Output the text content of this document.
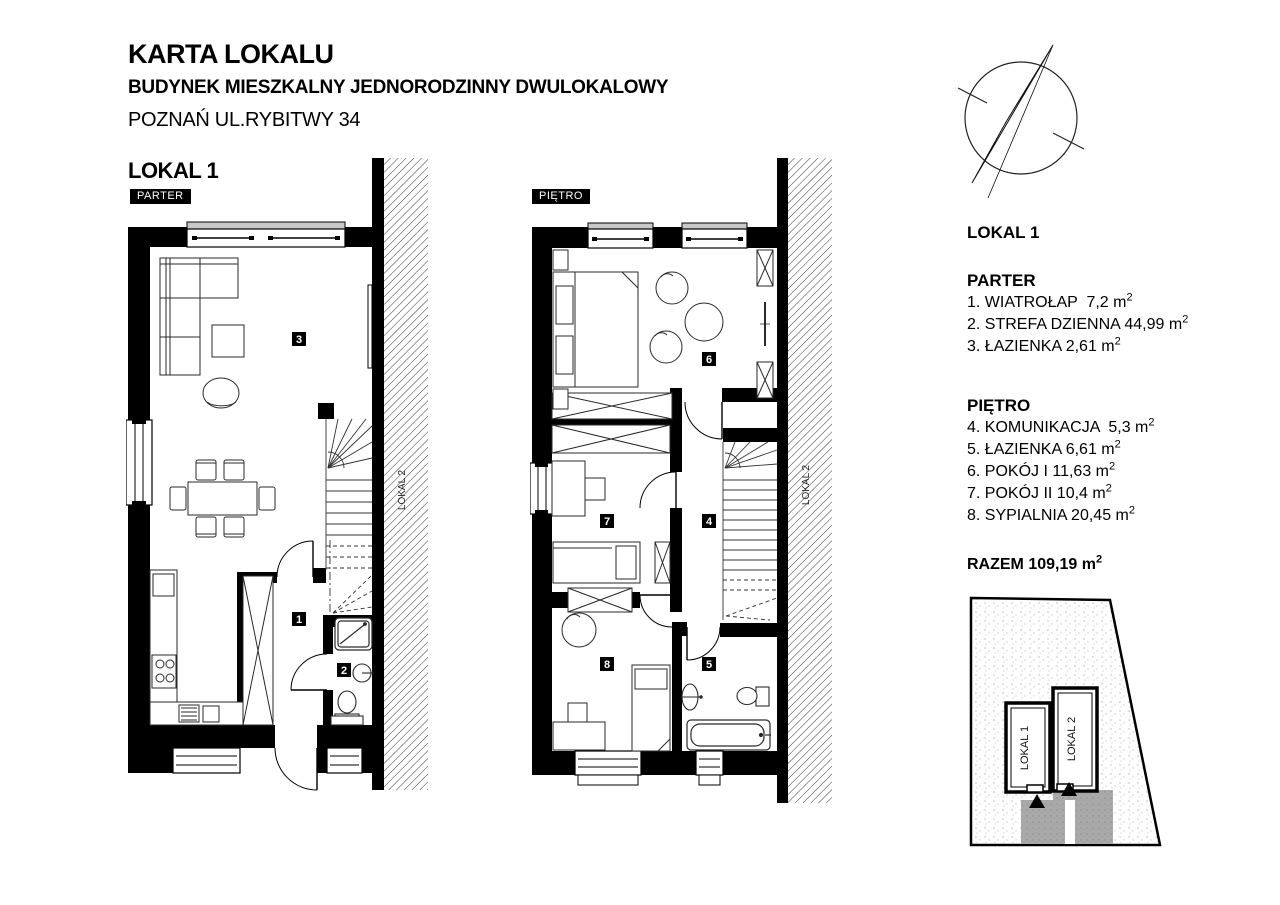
KARTA LOKALU
BUDYNEK MIESZKALNY JEDNORODZINNY DWULOKALOWY
POZNAŃ UL.RYBITWY 34
LOKAL 2
3
1
2
LOKAL 2
6
7	4
8	5
LOKAL 1
PARTER	PIĘTRO
LOKAL 1
PARTER
1. WIATROŁAP  7,2 $m^2$
2. STREFA DZIENNA 44,99 $m^2$
3. ŁAZIENKA 2,61 $m^2$
PIĘTRO
4. KOMUNIKACJA  5,3 $m^2$
5. ŁAZIENKA 6,61 $m^2$
6. POKÓJ I 11,63 $m^2$
7. POKÓJ II 10,4 $m^2$
8. SYPIALNIA 20,45 $m^2$
RAZEM 109,19 $m^2$
LOKAL 1	LOKAL 2
